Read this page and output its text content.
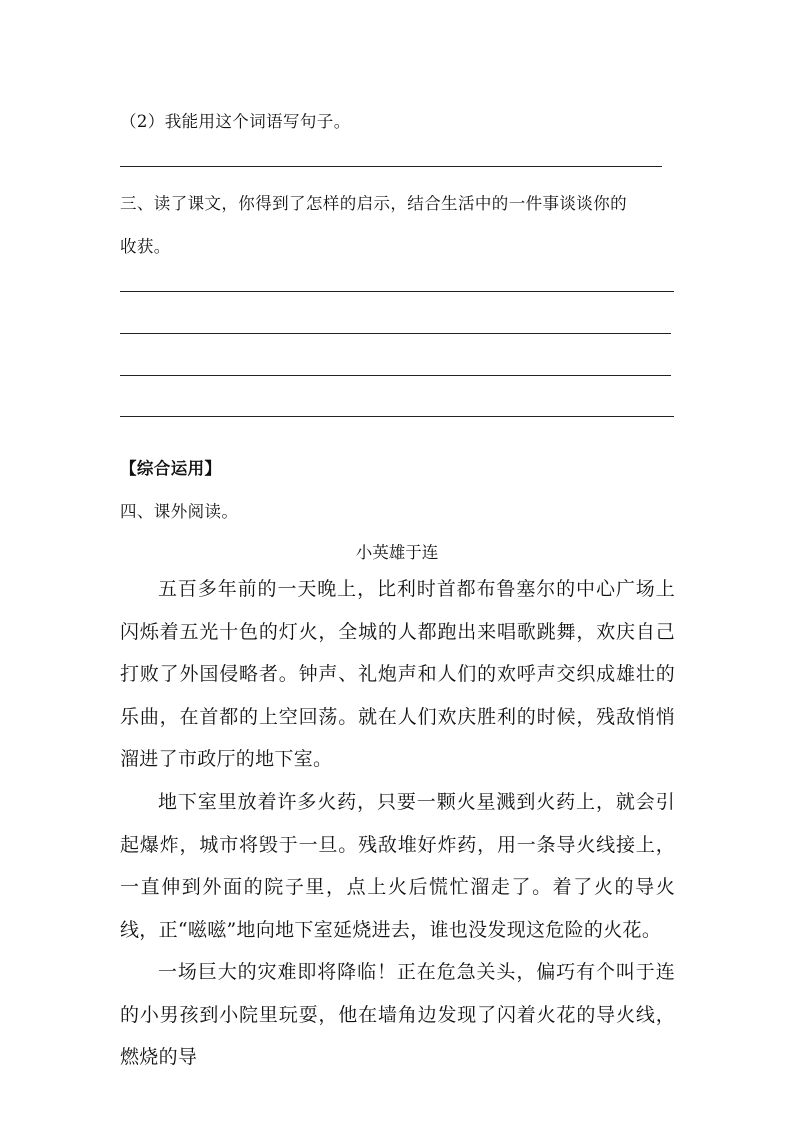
（2）我能用这个词语写句子。
三、读了课文，你得到了怎样的启示，结合生活中的一件事谈谈你的
收获。
【综合运用】
四、课外阅读。
小英雄于连

五百多年前的一天晚上，比利时首都布鲁塞尔的中心广场上闪烁着五光十色的灯火，全城的人都跑出来唱歌跳舞，欢庆自己打败了外国侵略者。钟声、礼炮声和人们的欢呼声交织成雄壮的乐曲，在首都的上空回荡。就在人们欢庆胜利的时候，残敌悄悄溜进了市政厅的地下室。

地下室里放着许多火药，只要一颗火星溅到火药上，就会引起爆炸，城市将毁于一旦。残敌堆好炸药，用一条导火线接上，一直伸到外面的院子里，点上火后慌忙溜走了。着了火的导火线，正“嗞嗞”地向地下室延烧进去，谁也没发现这危险的火花。

一场巨大的灾难即将降临！正在危急关头，偏巧有个叫于连的小男孩到小院里玩耍，他在墙角边发现了闪着火花的导火线，燃烧的导
